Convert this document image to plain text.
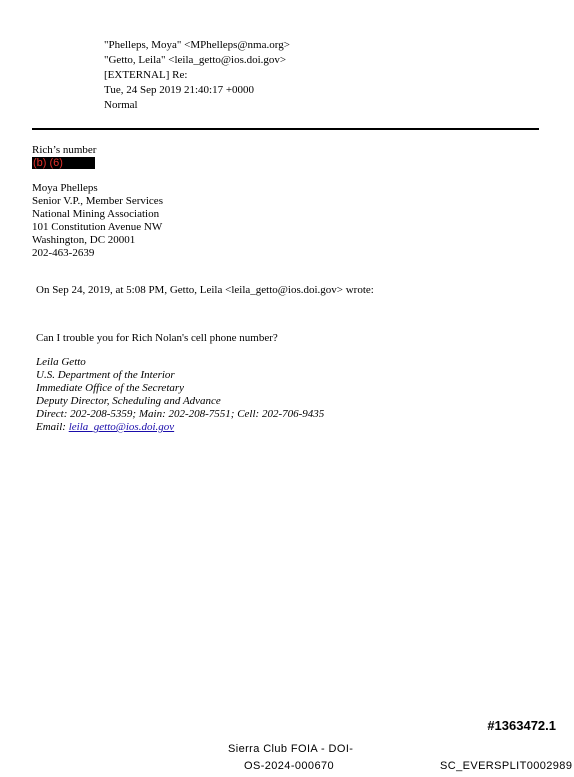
"Phelleps, Moya" <MPhelleps@nma.org>
"Getto, Leila" <leila_getto@ios.doi.gov>
[EXTERNAL] Re:
Tue, 24 Sep 2019 21:40:17 +0000
Normal
Rich’s number
(b) (6)
Moya Phelleps
Senior V.P., Member Services
National Mining Association
101 Constitution Avenue NW
Washington, DC 20001
202-463-2639
On Sep 24, 2019, at 5:08 PM, Getto, Leila <leila_getto@ios.doi.gov> wrote:
Can I trouble you for Rich Nolan's cell phone number?
Leila Getto
U.S. Department of the Interior
Immediate Office of the Secretary
Deputy Director, Scheduling and Advance
Direct: 202-208-5359; Main: 202-208-7551; Cell: 202-706-9435
Email: leila_getto@ios.doi.gov
#1363472.1
Sierra Club FOIA - DOI-
OS-2024-000670	SC_EVERSPLIT0002989
